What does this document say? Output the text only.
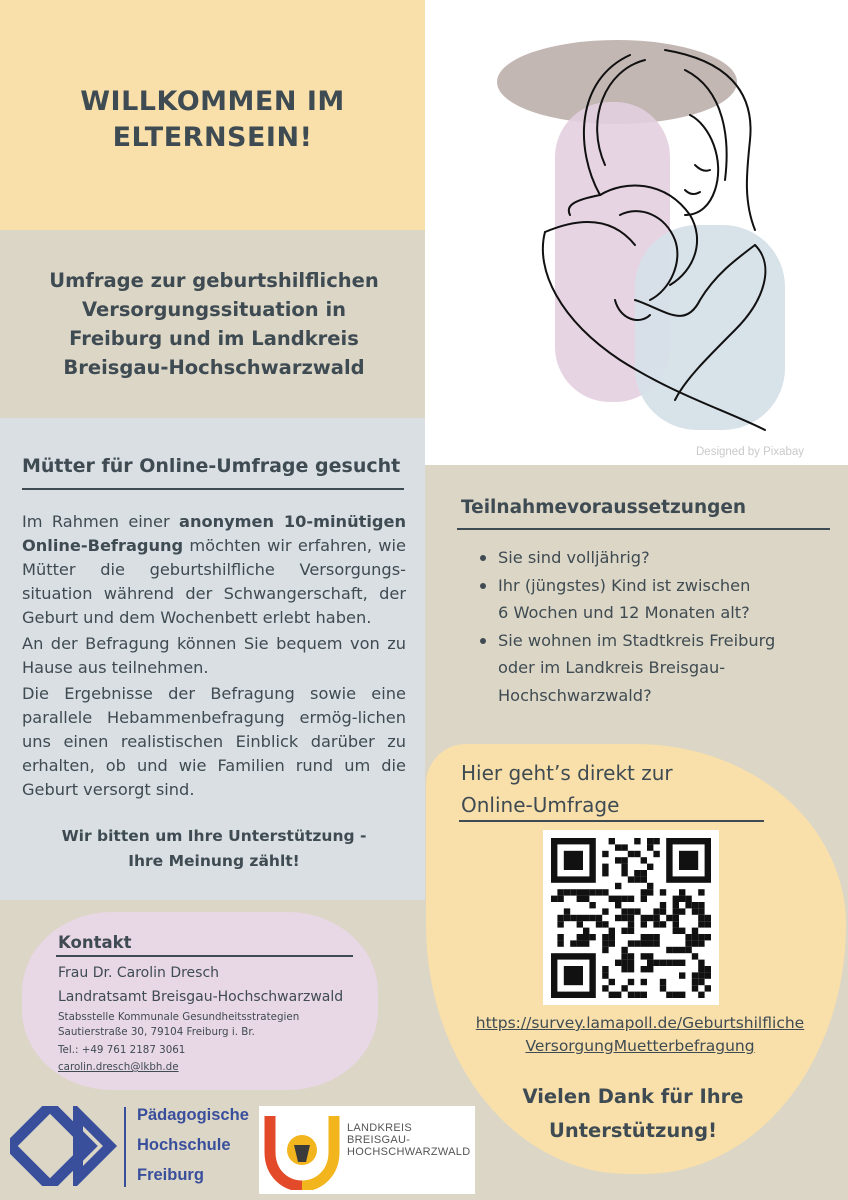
WILLKOMMEN IM
ELTERNSEIN!
Umfrage zur geburtshilflichen
Versorgungssituation in
Freiburg und im Landkreis
Breisgau-Hochschwarzwald
Designed by Pixabay
Mütter für Online-Umfrage gesucht
Im Rahmen einer anonymen 10-minütigen Online-Befragung möchten wir erfahren, wie Mütter die geburtshilfliche Versorgungs-situation während der Schwangerschaft, der Geburt und dem Wochenbett erlebt haben.
An der Befragung können Sie bequem von zu Hause aus teilnehmen.
Die Ergebnisse der Befragung sowie eine parallele Hebammenbefragung ermög-lichen uns einen realistischen Einblick darüber zu erhalten, ob und wie Familien rund um die Geburt versorgt sind.
Wir bitten um Ihre Unterstützung -
Ihre Meinung zählt!
Teilnahmevoraussetzungen
Sie sind volljährig?
Ihr (jüngstes) Kind ist zwischen
6 Wochen und 12 Monaten alt?
Sie wohnen im Stadtkreis Freiburg
oder im Landkreis Breisgau-
Hochschwarzwald?
Hier geht’s direkt zur
Online-Umfrage
https://survey.lamapoll.de/Geburtshilfliche
VersorgungMuetterbefragung
Vielen Dank für Ihre
Unterstützung!
Kontakt
Frau Dr. Carolin Dresch
Landratsamt Breisgau-Hochschwarzwald
Stabsstelle Kommunale Gesundheitsstrategien
Sautierstraße 30, 79104 Freiburg i. Br.
Tel.: +49 761 2187 3061
carolin.dresch@lkbh.de
Pädagogische
Hochschule
Freiburg
LANDKREIS
BREISGAU-
HOCHSCHWARZWALD
